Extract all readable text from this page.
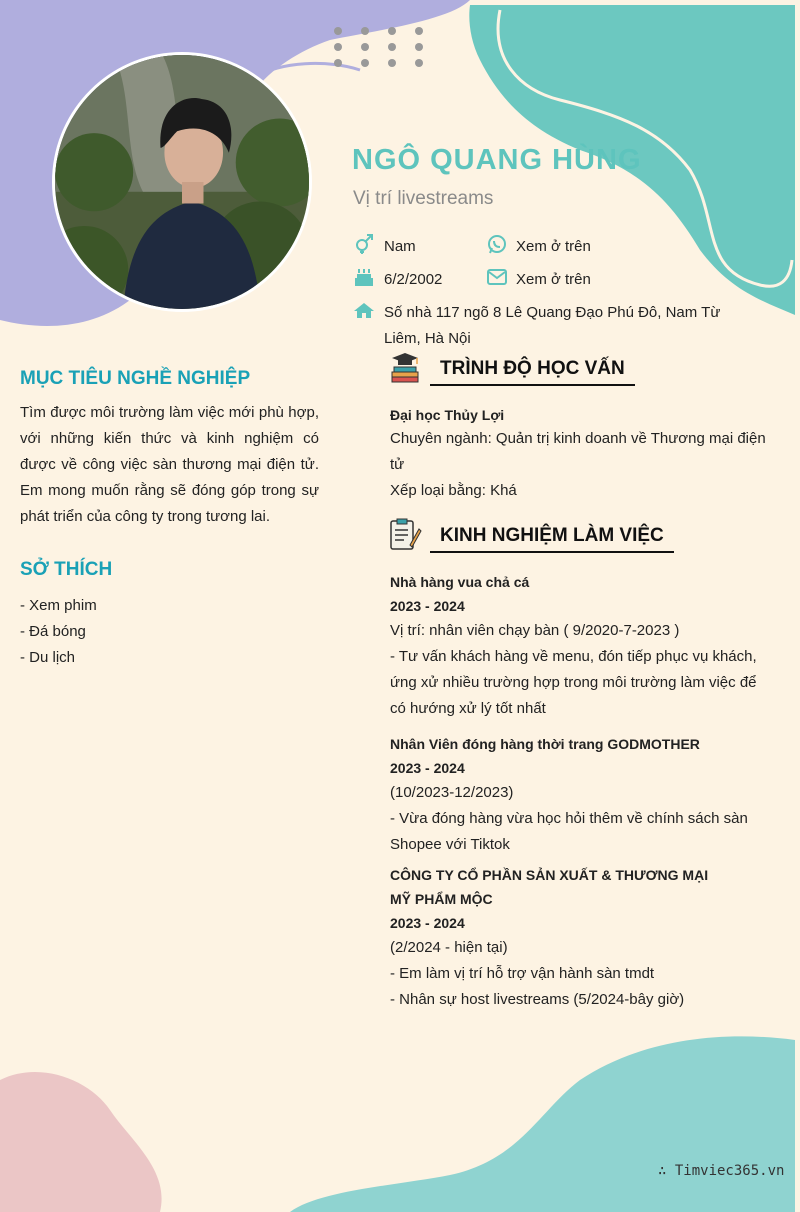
NGÔ QUANG HÙNG
Vị trí livestreams
Nam	Xem ở trên
6/2/2002	Xem ở trên
Số nhà 117 ngõ 8 Lê Quang Đạo Phú Đô, Nam Từ
Liêm, Hà Nội
MỤC TIÊU NGHỀ NGHIỆP
Tìm được môi trường làm việc mới phù hợp, với những kiến thức và kinh nghiệm có được về công việc sàn thương mại điện tử. Em mong muốn rằng sẽ đóng góp trong sự phát triển của công ty trong tương lai.
SỞ THÍCH
- Xem phim
- Đá bóng
- Du lịch
TRÌNH ĐỘ HỌC VẤN
Đại học Thủy Lợi
Chuyên ngành: Quản trị kinh doanh về Thương mại điện
tử
Xếp loại bằng: Khá
KINH NGHIỆM LÀM VIỆC
Nhà hàng vua chả cá
2023 - 2024
Vị trí: nhân viên chạy bàn ( 9/2020-7-2023 )
- Tư vấn khách hàng về menu, đón tiếp phục vụ khách,
ứng xử nhiều trường hợp trong môi trường làm việc để
có hướng xử lý tốt nhất
Nhân Viên đóng hàng thời trang GODMOTHER
2023 - 2024
(10/2023-12/2023)
- Vừa đóng hàng vừa học hỏi thêm về chính sách sàn
Shopee với Tiktok
CÔNG TY CỔ PHẦN SẢN XUẤT & THƯƠNG MẠI
MỸ PHẨM MỘC
2023 - 2024
(2/2024 - hiện tại)
- Em làm vị trí hỗ trợ vận hành sàn tmdt
- Nhân sự host livestreams (5/2024-bây giờ)
∴ Timviec365.vn
